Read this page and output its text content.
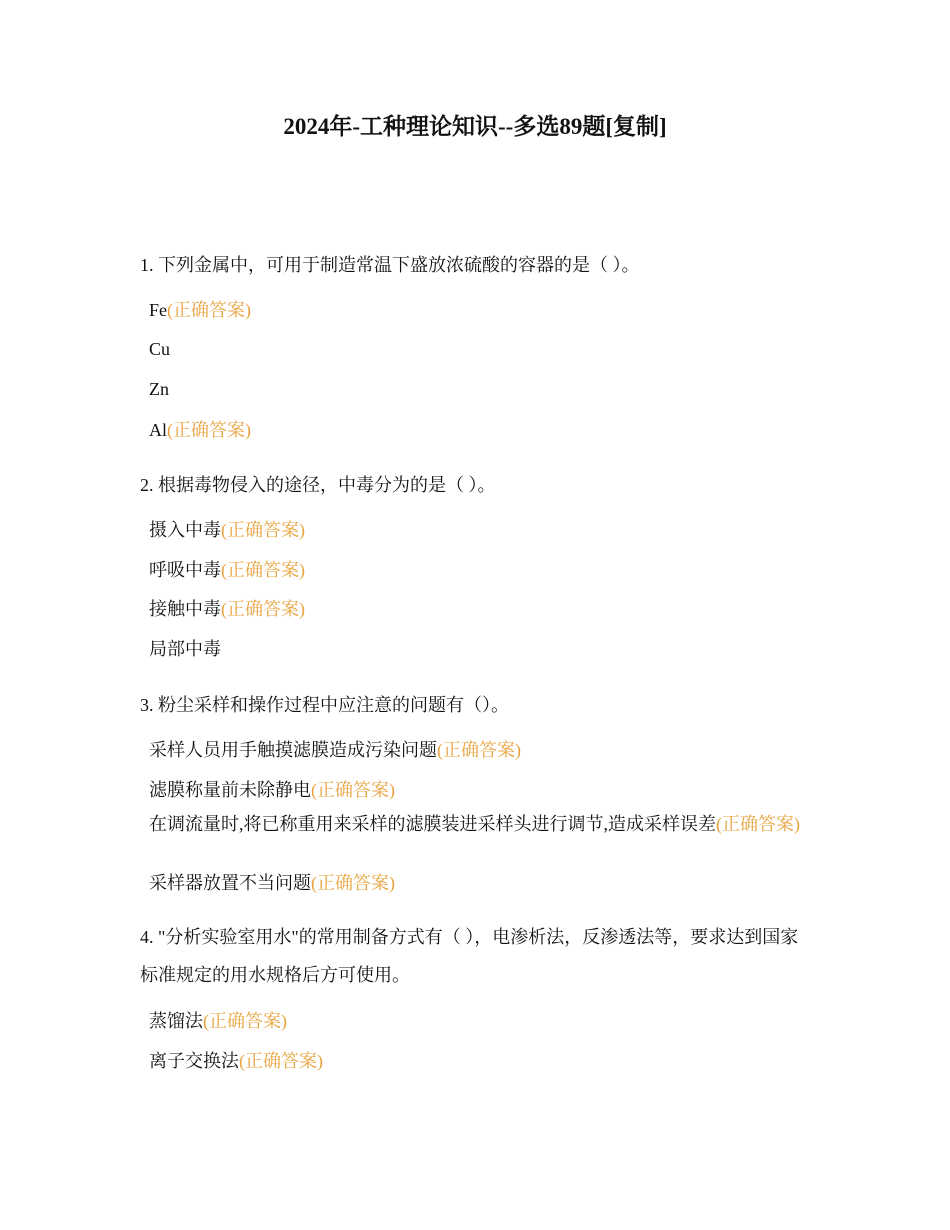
2024年-工种理论知识--多选89题[复制]
1. 下列金属中，可用于制造常温下盛放浓硫酸的容器的是（ ）。
Fe(正确答案)
Cu
Zn
Al(正确答案)
2. 根据毒物侵入的途径，中毒分为的是（ ）。
摄入中毒(正确答案)
呼吸中毒(正确答案)
接触中毒(正确答案)
局部中毒
3. 粉尘采样和操作过程中应注意的问题有（）。
采样人员用手触摸滤膜造成污染问题(正确答案)
滤膜称量前未除静电(正确答案)
在调流量时,将已称重用来采样的滤膜装进采样头进行调节,造成采样误差(正确答案)
采样器放置不当问题(正确答案)
4. "分析实验室用水"的常用制备方式有（ ），电渗析法，反渗透法等，要求达到国家标准规定的用水规格后方可使用。
蒸馏法(正确答案)
离子交换法(正确答案)
